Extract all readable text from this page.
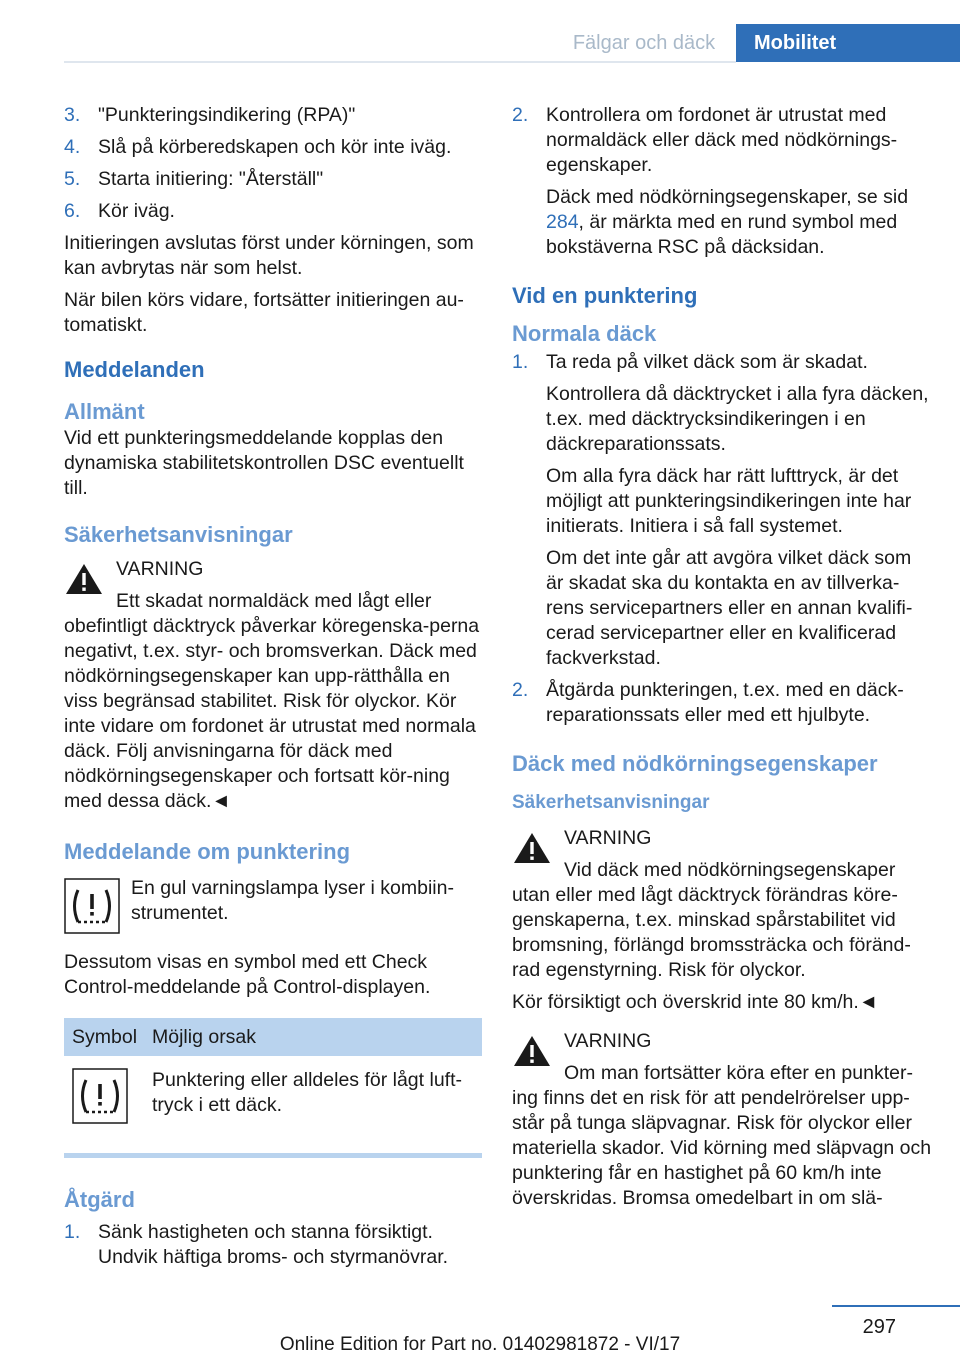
Fälgar och däck	Mobilitet
3. "Punkteringsindikering (RPA)"
4. Slå på körberedskapen och kör inte iväg.
5. Starta initiering: "Återställ"
6. Kör iväg.
Initieringen avslutas först under körningen, som kan avbrytas när som helst.
När bilen körs vidare, fortsätter initieringen au-tomatiskt.
Meddelanden
Allmänt
Vid ett punkteringsmeddelande kopplas den dynamiska stabilitetskontrollen DSC eventuellt till.
Säkerhetsanvisningar
VARNING
Ett skadat normaldäck med lågt eller
obefintligt däcktryck påverkar köregenska-perna negativt, t.ex. styr- och bromsverkan. Däck med nödkörningsegenskaper kan upp-rätthålla en viss begränsad stabilitet. Risk för olyckor. Kör inte vidare om fordonet är utrustat med normala däck. Följ anvisningarna för däck med nödkörningsegenskaper och fortsatt kör-ning med dessa däck.◄
Meddelande om punktering
En gul varningslampa lyser i kombiin-strumentet.
Dessutom visas en symbol med ett Check Control-meddelande på Control-displayen.
Symbol	Möjlig orsak
	Punktering eller alldeles för lågt luft-tryck i ett däck.
Åtgärd
1. Sänk hastigheten och stanna försiktigt. Undvik häftiga broms- och styrmanövrar.
2. Kontrollera om fordonet är utrustat med normaldäck eller däck med nödkörnings-egenskaper.
Däck med nödkörningsegenskaper, se sid 284, är märkta med en rund symbol med bokstäverna RSC på däcksidan.
Vid en punktering
Normala däck
1. Ta reda på vilket däck som är skadat.
Kontrollera då däcktrycket i alla fyra däcken, t.ex. med däcktrycksindikeringen i en däckreparationssats.
Om alla fyra däck har rätt lufttryck, är det möjligt att punkteringsindikeringen inte har initierats. Initiera i så fall systemet.
Om det inte går att avgöra vilket däck som är skadat ska du kontakta en av tillverka-rens servicepartners eller en annan kvalifi-cerad servicepartner eller en kvalificerad fackverkstad.
2. Åtgärda punkteringen, t.ex. med en däck-reparationssats eller med ett hjulbyte.
Däck med nödkörningsegenskaper
Säkerhetsanvisningar
VARNING
Vid däck med nödkörningsegenskaper
utan eller med lågt däcktryck förändras köre-genskaperna, t.ex. minskad spårstabilitet vid bromsning, förlängd bromssträcka och föränd-rad egenstyrning. Risk för olyckor.
Kör försiktigt och överskrid inte 80 km/h.◄
VARNING
Om man fortsätter köra efter en punkter-
ing finns det en risk för att pendelrörelser upp-står på tunga släpvagnar. Risk för olyckor eller materiella skador. Vid körning med släpvagn och punktering får en hastighet på 60 km/h inte överskridas. Bromsa omedelbart in om slä-
297
Online Edition for Part no. 01402981872 - VI/17
